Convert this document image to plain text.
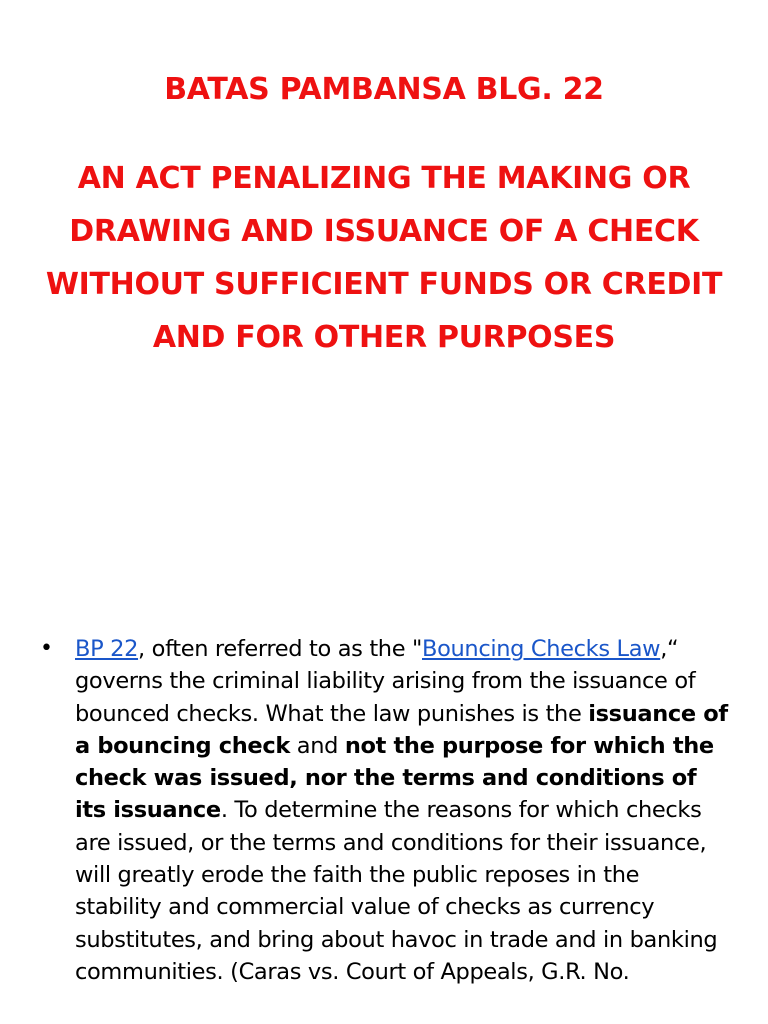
BATAS PAMBANSA BLG. 22
AN ACT PENALIZING THE MAKING OR DRAWING AND ISSUANCE OF A CHECK WITHOUT SUFFICIENT FUNDS OR CREDIT AND FOR OTHER PURPOSES

• BP 22, often referred to as the "Bouncing Checks Law,“ governs the criminal liability arising from the issuance of bounced checks. What the law punishes is the issuance of a bouncing check and not the purpose for which the check was issued, nor the terms and conditions of its issuance. To determine the reasons for which checks are issued, or the terms and conditions for their issuance, will greatly erode the faith the public reposes in the stability and commercial value of checks as currency substitutes, and bring about havoc in trade and in banking communities. (Caras vs. Court of Appeals, G.R. No.
